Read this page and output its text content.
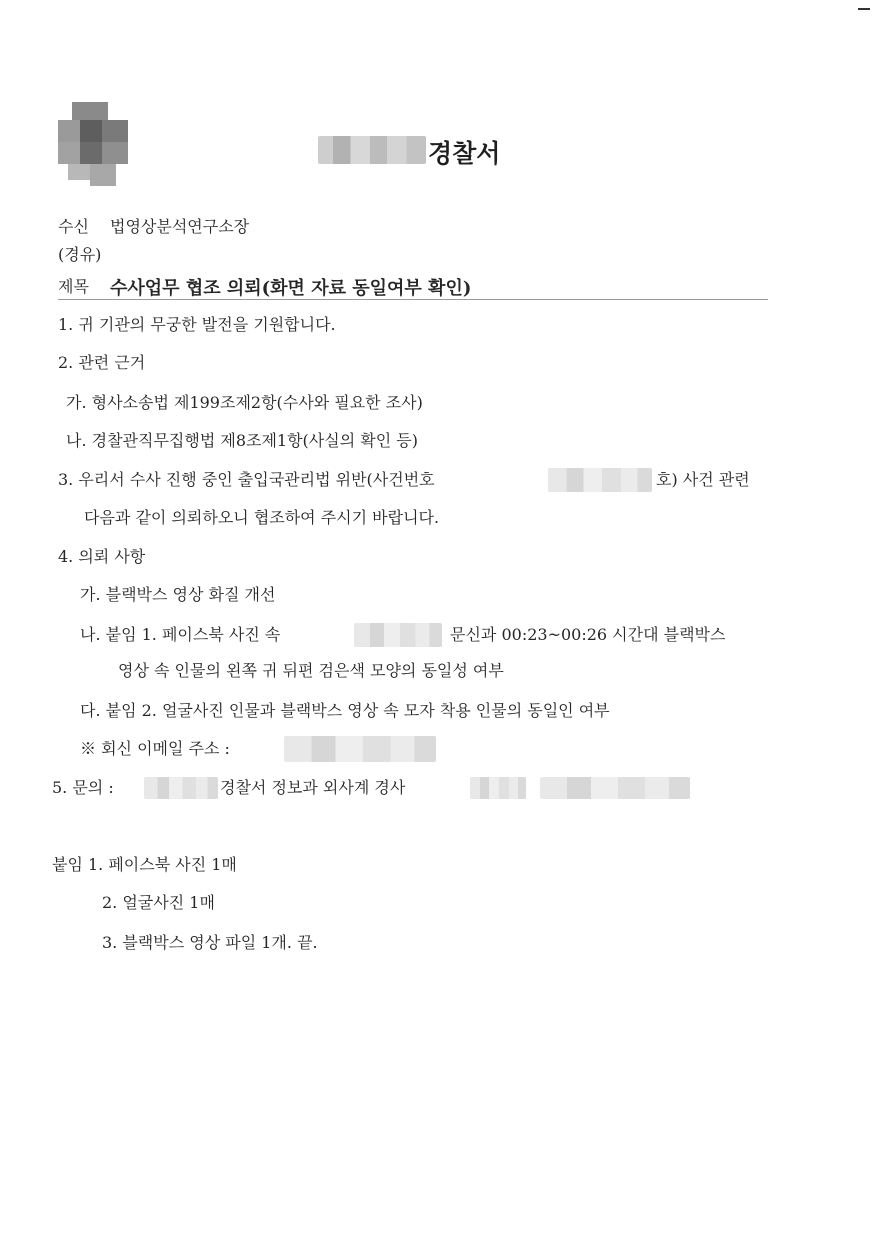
경찰서
수신 법영상분석연구소장
(경유)
제목 수사업무 협조 의뢰(화면 자료 동일여부 확인)
1. 귀 기관의 무궁한 발전을 기원합니다.
2. 관련 근거
가. 형사소송법 제199조제2항(수사와 필요한 조사)
나. 경찰관직무집행법 제8조제1항(사실의 확인 등)
3. 우리서 수사 진행 중인 출입국관리법 위반(사건번호	호) 사건 관련
다음과 같이 의뢰하오니 협조하여 주시기 바랍니다.
4. 의뢰 사항
가. 블랙박스 영상 화질 개선
나. 붙임 1. 페이스북 사진 속	문신과 00:23~00:26 시간대 블랙박스
영상 속 인물의 왼쪽 귀 뒤편 검은색 모양의 동일성 여부
다. 붙임 2. 얼굴사진 인물과 블랙박스 영상 속 모자 착용 인물의 동일인 여부
※ 회신 이메일 주소 :
5. 문의 :	경찰서 정보과 외사계 경사
붙임 1. 페이스북 사진 1매
2. 얼굴사진 1매
3. 블랙박스 영상 파일 1개. 끝.
